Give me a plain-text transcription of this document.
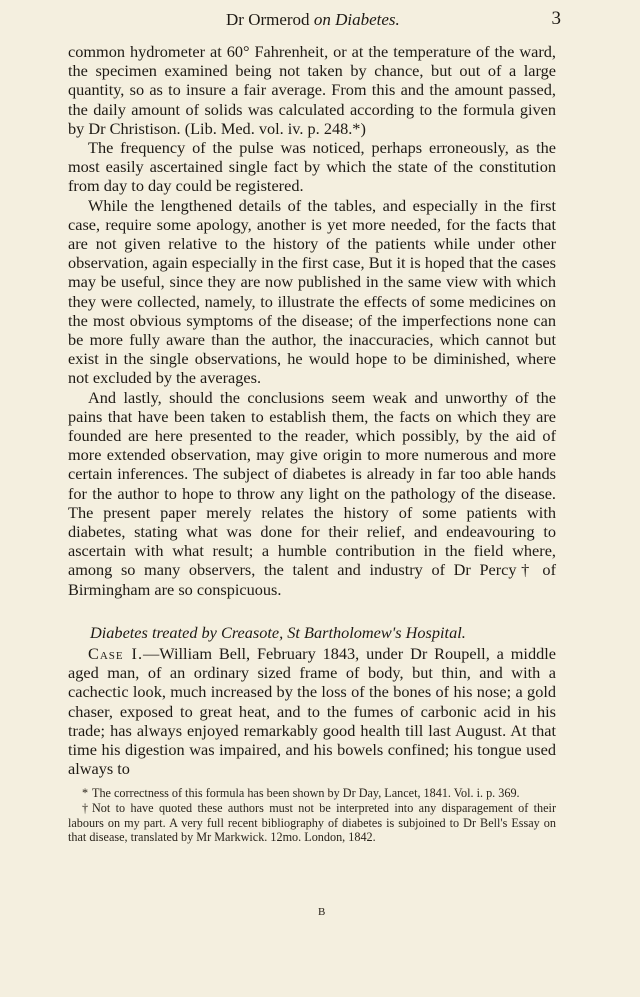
Dr Ormerod on Diabetes.	3

common hydrometer at 60° Fahrenheit, or at the temperature of the ward, the specimen examined being not taken by chance, but out of a large quantity, so as to insure a fair average. From this and the amount passed, the daily amount of solids was calculated according to the formula given by Dr Christison. (Lib. Med. vol. iv. p. 248.*)

The frequency of the pulse was noticed, perhaps erroneously, as the most easily ascertained single fact by which the state of the constitution from day to day could be registered.

While the lengthened details of the tables, and especially in the first case, require some apology, another is yet more needed, for the facts that are not given relative to the history of the patients while under other observation, again especially in the first case, But it is hoped that the cases may be useful, since they are now published in the same view with which they were collected, namely, to illustrate the effects of some medicines on the most obvious symptoms of the disease; of the imperfections none can be more fully aware than the author, the inaccuracies, which cannot but exist in the single observations, he would hope to be diminished, where not excluded by the averages.

And lastly, should the conclusions seem weak and unworthy of the pains that have been taken to establish them, the facts on which they are founded are here presented to the reader, which possibly, by the aid of more extended observation, may give origin to more numerous and more certain inferences. The subject of diabetes is already in far too able hands for the author to hope to throw any light on the pathology of the disease. The present paper merely relates the history of some patients with diabetes, stating what was done for their relief, and endeavouring to ascertain with what result; a humble contribution in the field where, among so many observers, the talent and industry of Dr Percy† of Birmingham are so conspicuous.

Diabetes treated by Creasote, St Bartholomew's Hospital.

Case I.—William Bell, February 1843, under Dr Roupell, a middle aged man, of an ordinary sized frame of body, but thin, and with a cachectic look, much increased by the loss of the bones of his nose; a gold chaser, exposed to great heat, and to the fumes of carbonic acid in his trade; has always enjoyed remarkably good health till last August. At that time his digestion was impaired, and his bowels confined; his tongue used always to

* The correctness of this formula has been shown by Dr Day, Lancet, 1841. Vol. i. p. 369.

† Not to have quoted these authors must not be interpreted into any disparagement of their labours on my part. A very full recent bibliography of diabetes is subjoined to Dr Bell's Essay on that disease, translated by Mr Markwick. 12mo. London, 1842.

B
